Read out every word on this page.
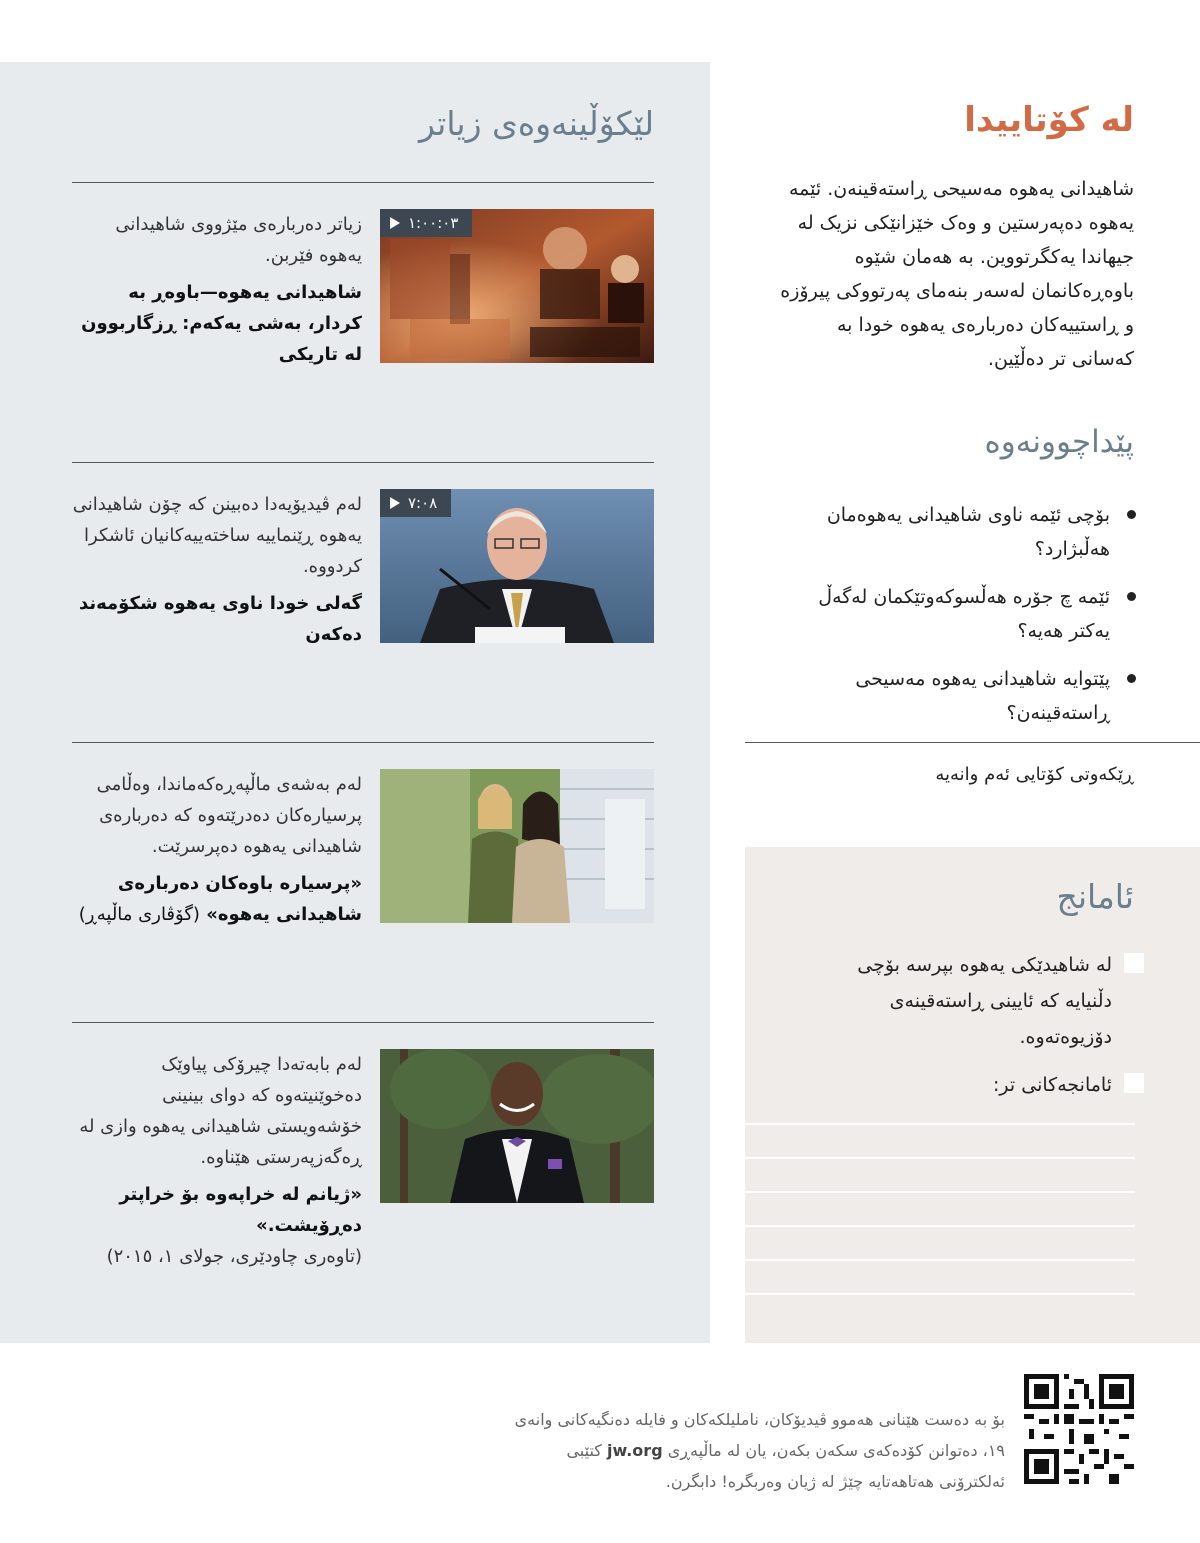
لێکۆڵینەوەی زیاتر
١:٠٠:٠٣
زیاتر دەربارەی مێژووی شاهیدانی یەهوە فێربن.
شاهیدانی یەهوە—باوەڕ بە کردار، بەشی یەکەم: ڕزگاربوون لە تاریکی
٧:٠٨
لەم ڤیدیۆیەدا دەبینن کە چۆن شاهیدانی یەهوە ڕێنماییە ساختەییەکانیان ئاشکرا کردووە.
گەلی خودا ناوی یەهوە شکۆمەند دەکەن
لەم بەشەی ماڵپەڕەکەماندا، وەڵامی پرسیارەکان دەدرێتەوە کە دەربارەی شاهیدانی یەهوە دەپرسرێت.
«پرسیارە باوەکان دەربارەی شاهیدانی یەهوە» (گۆڤاری ماڵپەڕ)
لەم بابەتەدا چیرۆکی پیاوێک دەخوێنیتەوە کە دوای بینینی خۆشەویستی شاهیدانی یەهوە وازی لە ڕەگەزپەرستی هێناوە.
«ژیانم لە خراپەوە بۆ خراپتر دەڕۆیشت.»
(تاوەری چاودێری، جولای ١، ٢٠١٥)
لە کۆتاییدا
شاهیدانی یەهوە مەسیحی ڕاستەقینەن. ئێمە یەهوە دەپەرستین و وەک خێزانێکی نزیک لە جیهاندا یەکگرتووین. بە هەمان شێوە باوەڕەکانمان لەسەر بنەمای پەرتووکی پیرۆزە و ڕاستییەکان دەربارەی یەهوە خودا بە کەسانی تر دەڵێین.
پێداچوونەوە
بۆچی ئێمە ناوی شاهیدانی یەهوەمان هەڵبژارد؟
ئێمە چ جۆرە هەڵسوکەوتێکمان لەگەڵ یەکتر هەیە؟
پێتوایە شاهیدانی یەهوە مەسیحی ڕاستەقینەن؟
ڕێکەوتی کۆتایی ئەم وانەیە
ئامانج
لە شاهیدێکی یەهوە بپرسە بۆچی دڵنیایە کە ئایینی ڕاستەقینەی دۆزیوەتەوە.
ئامانجەکانی تر:
بۆ بە دەست هێنانی هەموو ڤیدیۆکان، ناملیلکەکان و فایلە دەنگیەکانی وانەی ١٩، دەتوانن کۆدەکەی سکەن بکەن، یان لە ماڵپەڕی jw.org کتێبی ئەلکترۆنی هەتاهەتایە چێژ لە ژیان وەربگرە! دابگرن.
